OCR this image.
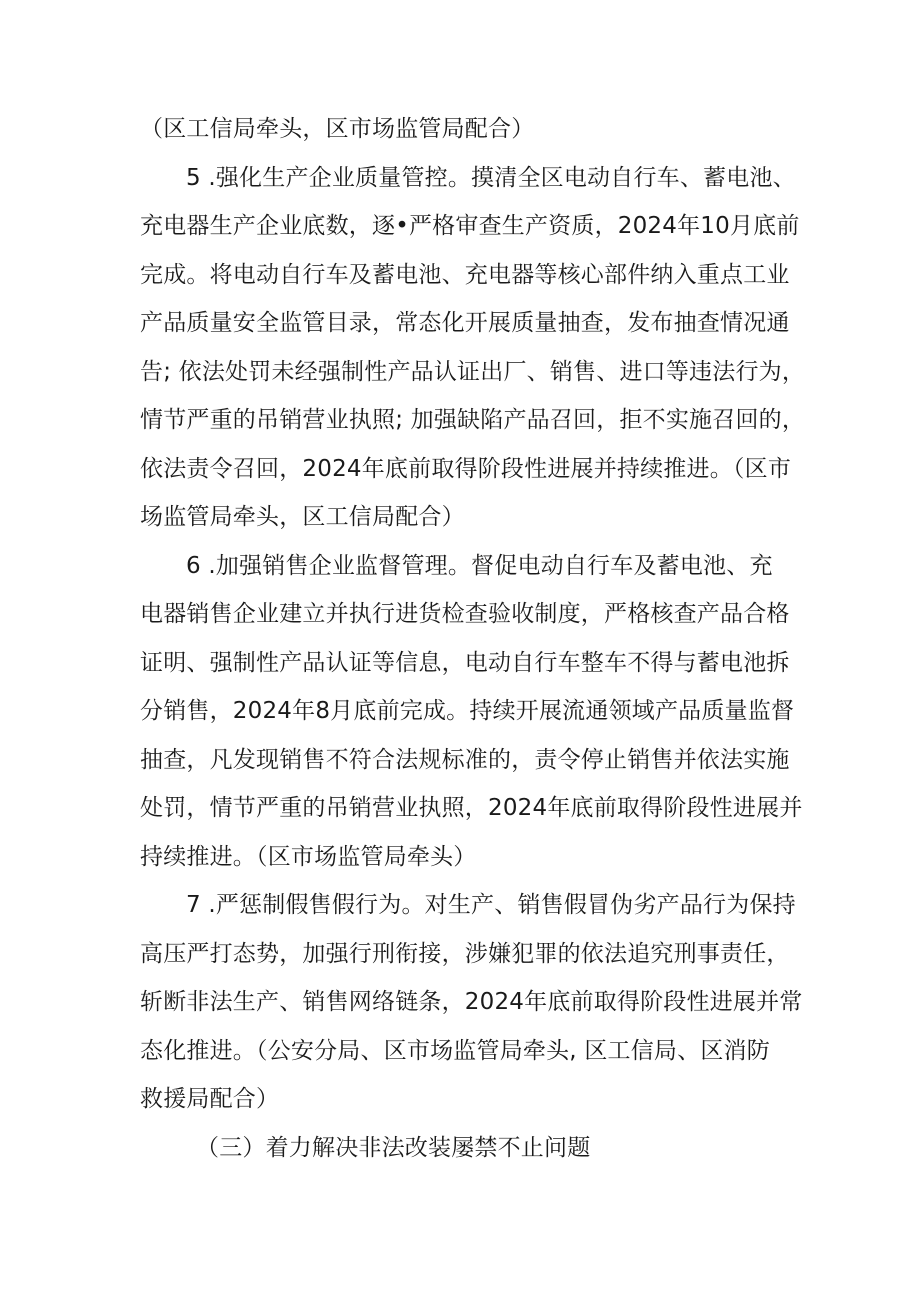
（区工信局牵头，区市场监管局配合）
5 .强化生产企业质量管控。摸清全区电动自行车、蓄电池、
充电器生产企业底数，逐•严格审查生产资质，2024年10月底前
完成。将电动自行车及蓄电池、充电器等核心部件纳入重点工业
产品质量安全监管目录，常态化开展质量抽查，发布抽查情况通
告; 依法处罚未经强制性产品认证出厂、销售、进口等违法行为，
情节严重的吊销营业执照; 加强缺陷产品召回，拒不实施召回的，
依法责令召回，2024年底前取得阶段性进展并持续推进。（区市
场监管局牵头，区工信局配合）
6 .加强销售企业监督管理。督促电动自行车及蓄电池、充
电器销售企业建立并执行进货检查验收制度，严格核查产品合格
证明、强制性产品认证等信息，电动自行车整车不得与蓄电池拆
分销售，2024年8月底前完成。持续开展流通领域产品质量监督
抽查，凡发现销售不符合法规标准的，责令停止销售并依法实施
处罚，情节严重的吊销营业执照，2024年底前取得阶段性进展并
持续推进。（区市场监管局牵头）
7 .严惩制假售假行为。对生产、销售假冒伪劣产品行为保持
高压严打态势，加强行刑衔接，涉嫌犯罪的依法追究刑事责任，
斩断非法生产、销售网络链条，2024年底前取得阶段性进展并常
态化推进。（公安分局、区市场监管局牵头, 区工信局、区消防
救援局配合）
（三）着力解决非法改装屡禁不止问题
